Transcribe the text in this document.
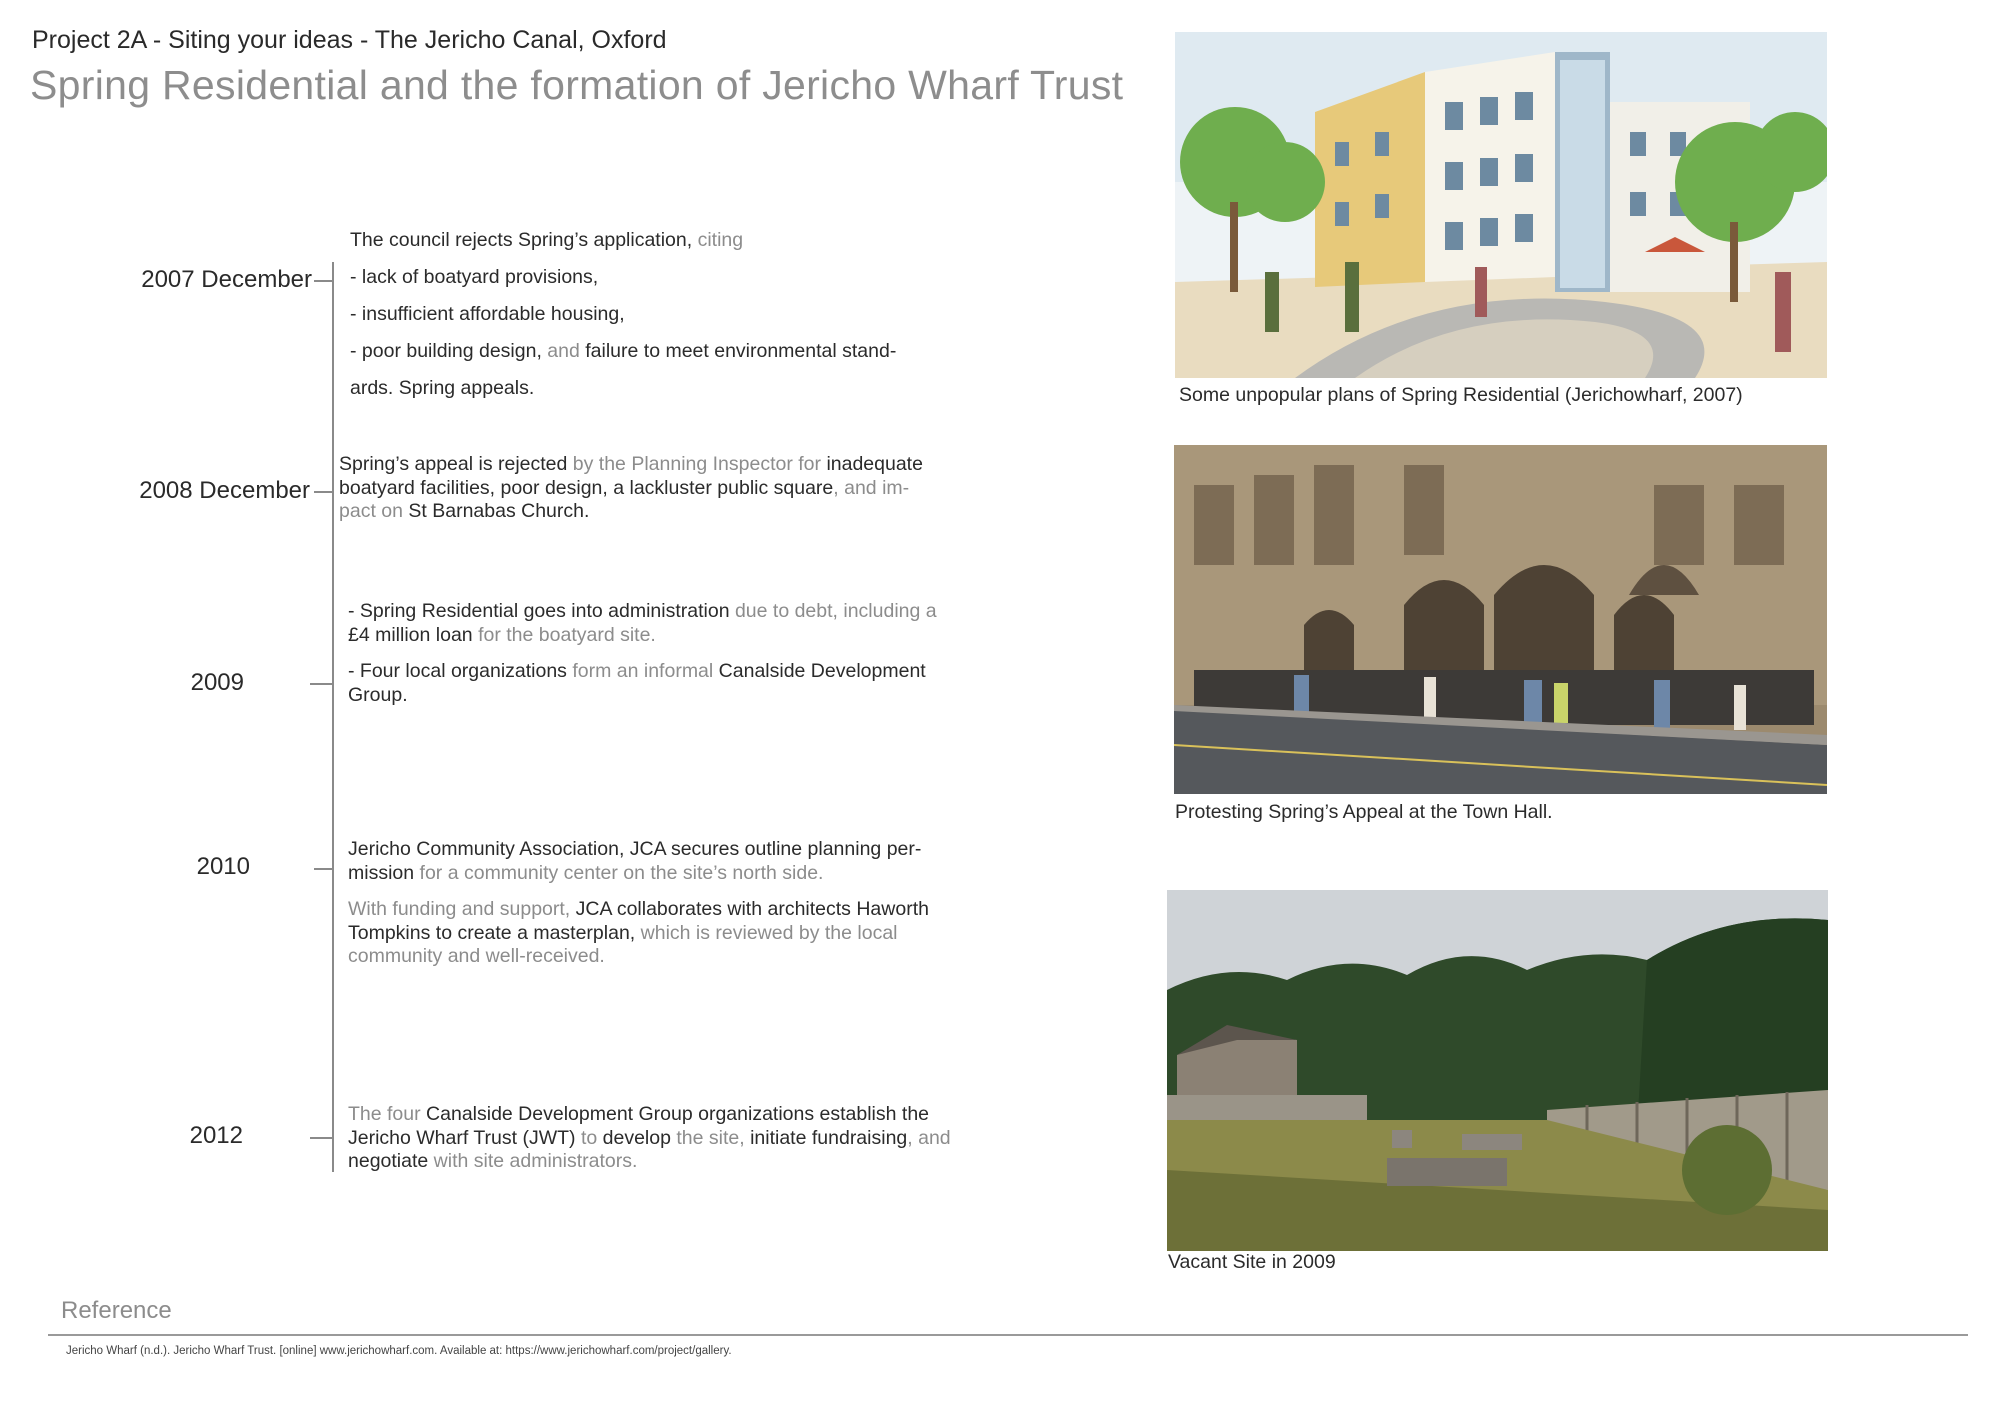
Project 2A - Siting your ideas - The Jericho Canal, Oxford
Spring Residential and the formation of Jericho Wharf Trust
2007 December

The council rejects Spring’s application, citing

- lack of boatyard provisions,

- insufficient affordable housing,

- poor building design, and failure to meet environmental stand-

ards. Spring appeals.

2008 December

Spring’s appeal is rejected by the Planning Inspector for inadequate

boatyard facilities, poor design, a lackluster public square, and im-

pact on St Barnabas Church.

2009

- Spring Residential goes into administration due to debt, including a

£4 million loan for the boatyard site.

- Four local organizations form an informal Canalside Development

Group.

2010

Jericho Community Association, JCA secures outline planning per-

mission for a community center on the site’s north side.

With funding and support, JCA collaborates with architects Haworth

Tompkins to create a masterplan, which is reviewed by the local

community and well-received.

2012

The four Canalside Development Group organizations establish the

Jericho Wharf Trust (JWT) to develop the site, initiate fundraising, and

negotiate with site administrators.

Some unpopular plans of Spring Residential (Jerichowharf, 2007)
Protesting Spring’s Appeal at the Town Hall.
Vacant Site in 2009
Reference
Jericho Wharf (n.d.). Jericho Wharf Trust. [online] www.jerichowharf.com. Available at: https://www.jerichowharf.com/project/gallery.
